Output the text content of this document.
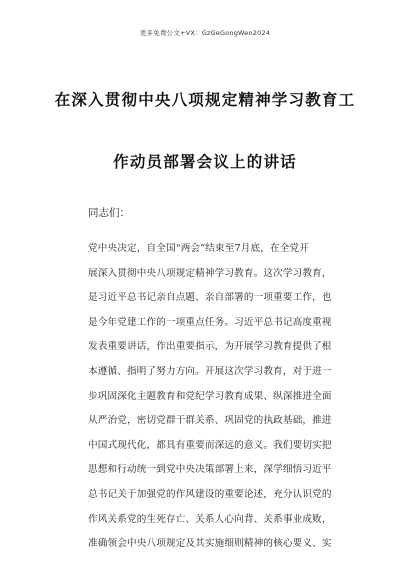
更多免费公文+VX：GzGeGongWen2024
在深入贯彻中央八项规定精神学习教育工
作动员部署会议上的讲话
同志们：
党中央决定，自全国“两会”结束至7月底，在全党开
展深入贯彻中央八项规定精神学习教育。这次学习教育，
是习近平总书记亲自点题、亲自部署的一项重要工作，也
是今年党建工作的一项重点任务。习近平总书记高度重视
发表重要讲话，作出重要指示，为开展学习教育提供了根
本遵循、指明了努力方向。开展这次学习教育，对于进一
步巩固深化主题教育和党纪学习教育成果、纵深推进全面
从严治党，密切党群干群关系、巩固党的执政基础，推进
中国式现代化，都具有重要而深远的意义。我们要切实把
思想和行动统一到党中央决策部署上来，深学细悟习近平
总书记关于加强党的作风建设的重要论述，充分认识党的
作风关系党的生死存亡、关系人心向背、关系事业成败，
准确领会中央八项规定及其实施细则精神的核心要义、实
